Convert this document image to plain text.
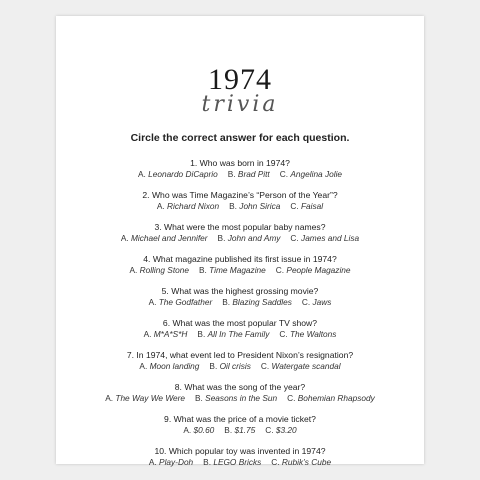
1974
trivia
Circle the correct answer for each question.
1. Who was born in 1974?
A. Leonardo DiCaprio B. Brad Pitt C. Angelina Jolie
2. Who was Time Magazine’s “Person of the Year”?
A. Richard Nixon B. John Sirica C. Faisal
3. What were the most popular baby names?
A. Michael and Jennifer B. John and Amy C. James and Lisa
4. What magazine published its first issue in 1974?
A. Rolling Stone B. Time Magazine C. People Magazine
5. What was the highest grossing movie?
A. The Godfather B. Blazing Saddles C. Jaws
6. What was the most popular TV show?
A. M*A*S*H B. All In The Family C. The Waltons
7. In 1974, what event led to President Nixon’s resignation?
A. Moon landing B. Oil crisis C. Watergate scandal
8. What was the song of the year?
A. The Way We Were B. Seasons in the Sun C. Bohemian Rhapsody
9. What was the price of a movie ticket?
A. $0.60 B. $1.75 C. $3.20
10. Which popular toy was invented in 1974?
A. Play-Doh B. LEGO Bricks C. Rubik’s Cube
